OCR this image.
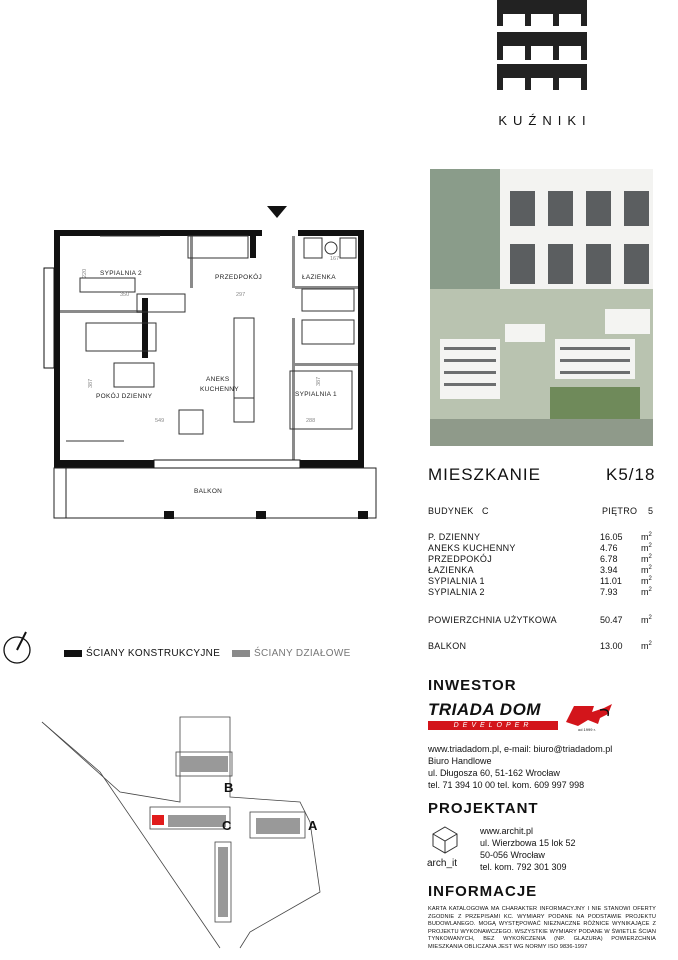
KUŹNIKI
SYPIALNIA 2
PRZEDPOKÓJ	ŁAZIENKA
ANEKS
KUCHENNY
POKÓJ DZIENNY	SYPIALNIA 1
BALKON
220
350	297
167
387
549
387
288
ŚCIANY KONSTRUKCYJNE	ŚCIANY DZIAŁOWE
B
C	A
MIESZKANIE	K5/18
BUDYNEK C	PIĘTRO 5
P. DZIENNY	16.05 $m^2$
ANEKS KUCHENNY	4.76	$m^2$
PRZEDPOKÓJ	6.78	$m^2$
ŁAZIENKA	3.94	$m^2$
SYPIALNIA 1	11.01 $m^2$
SYPIALNIA 2	7.93	$m^2$
POWIERZCHNIA UŻYTKOWA	50.47 $m^2$
BALKON	13.00 $m^2$
INWESTOR
TRIADA DOM
DEVELOPER
od 1999 r.
www.triadadom.pl, e-mail: biuro@triadadom.pl
Biuro Handlowe
ul. Długosza 60, 51-162 Wrocław
tel. 71 394 10 00 tel. kom. 609 997 998
PROJEKTANT
arch_it
www.archit.pl
ul. Wierzbowa 15 lok 52
50-056 Wrocław
tel. kom. 792 301 309
INFORMACJE
KARTA KATALOGOWA MA CHARAKTER INFORMACYJNY I NIE STANOWI OFERTY ZGODNIE Z PRZEPISAMI KC. WYMIARY PODANE NA PODSTAWIE PROJEKTU BUDOWLANEGO. MOGĄ WYSTĘPOWAĆ NIEZNACZNE RÓŻNICE WYNIKAJĄCE Z PROJEKTU WYKONAWCZEGO. WSZYSTKIE WYMIARY PODANE W ŚWIETLE ŚCIAN TYNKOWANYCH, BEZ WYKOŃCZENIA (NP. GLAZURA) POWIERZCHNIA MIESZKANIA OBLICZANA JEST WG NORMY ISO 9836-1997
